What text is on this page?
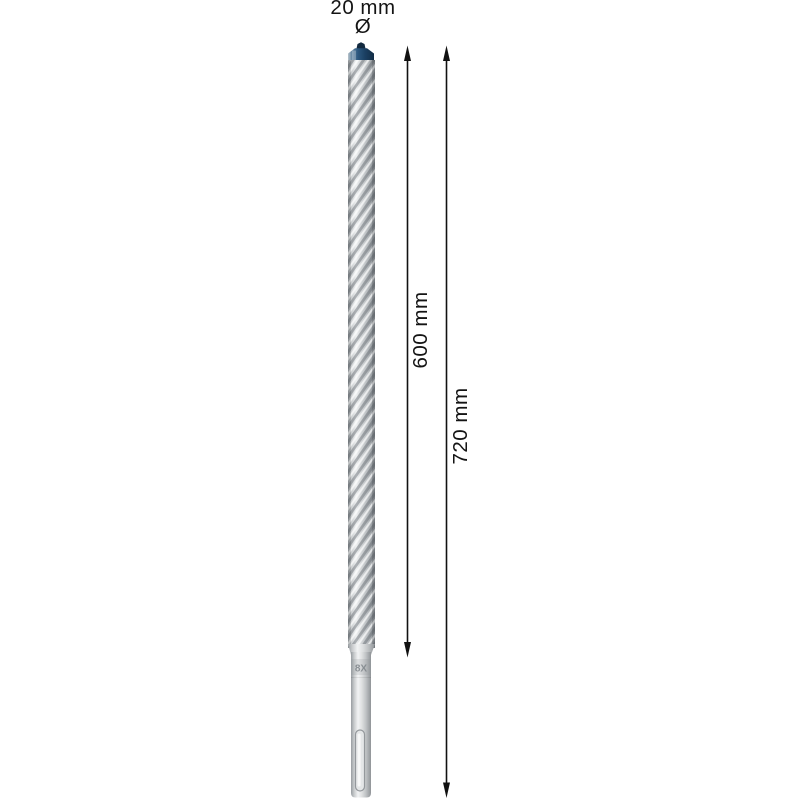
20 mm
Ø
8X
600 mm
720 mm
